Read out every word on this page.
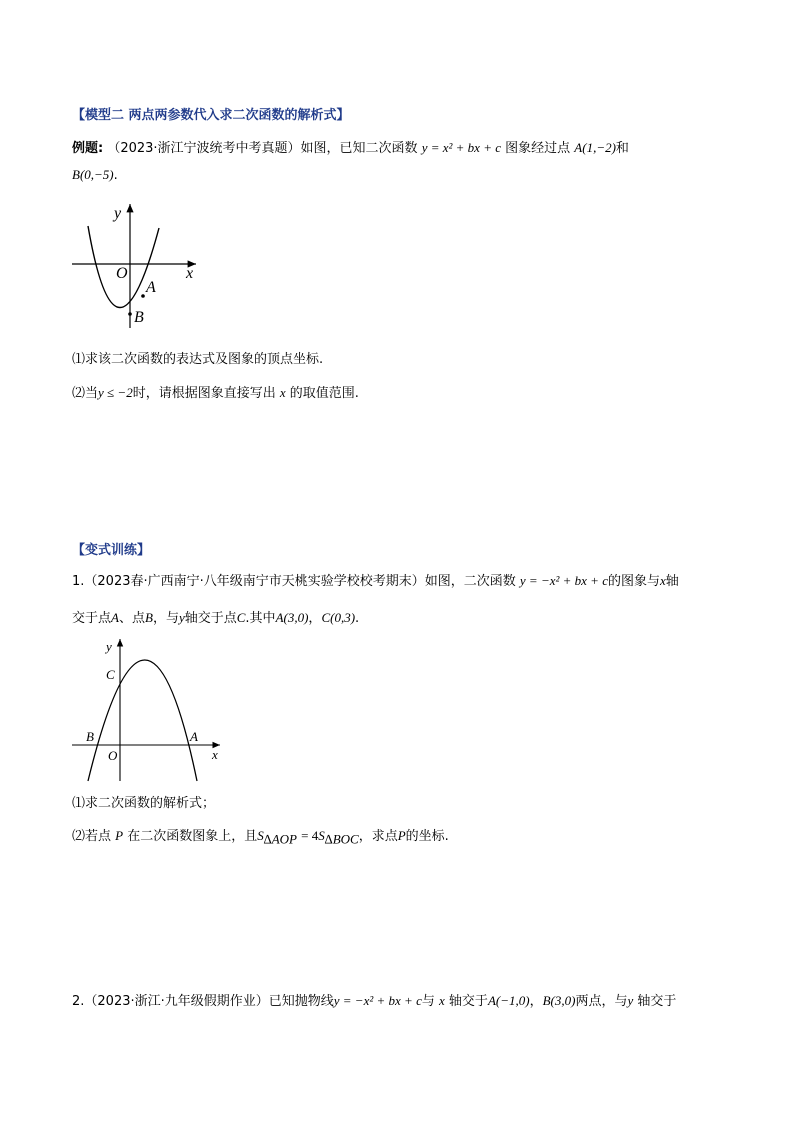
【模型二 两点两参数代入求二次函数的解析式】
例题: （2023·浙江宁波统考中考真题）如图，已知二次函数 y = x² + bx + c 图象经过点 A(1,−2)和
B(0,−5).
y
x
O
A
B
⑴求该二次函数的表达式及图象的顶点坐标.
⑵当y ≤ −2时，请根据图象直接写出 x 的取值范围.
【变式训练】
1.（2023春·广西南宁·八年级南宁市天桃实验学校校考期末）如图，二次函数 y = −x² + bx + c的图象与x轴
交于点A、点B，与y轴交于点C.其中A(3,0)，C(0,3).
y
x
C
B
O
A
⑴求二次函数的解析式；
⑵若点 P 在二次函数图象上，且$S_{\Delta AOP} = 4S_{\Delta BOC}$，求点P的坐标.
2.（2023·浙江·九年级假期作业）已知抛物线y = −x² + bx + c与 x 轴交于A(−1,0)，B(3,0)两点，与y 轴交于
